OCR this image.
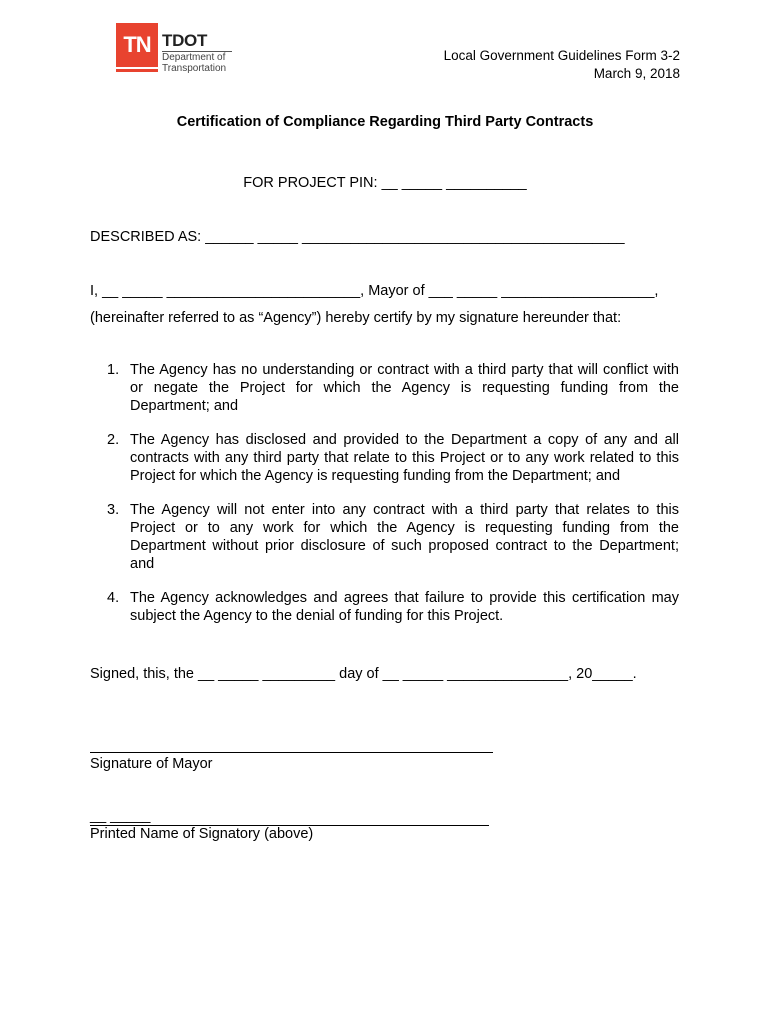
TN TDOT
Department of
Transportation
Local Government Guidelines Form 3-2
March 9, 2018
Certification of Compliance Regarding Third Party Contracts
FOR PROJECT PIN: __ _____ __________
DESCRIBED AS: ______ _____ ________________________________________
I, __ _____ ________________________, Mayor of ___ _____ ___________________,
(hereinafter referred to as “Agency”) hereby certify by my signature hereunder that:
1. The Agency has no understanding or contract with a third party that will conflict with or negate the Project for which the Agency is requesting funding from the Department; and
2. The Agency has disclosed and provided to the Department a copy of any and all contracts with any third party that relate to this Project or to any work related to this Project for which the Agency is requesting funding from the Department; and
3. The Agency will not enter into any contract with a third party that relates to this Project or to any work for which the Agency is requesting funding from the Department without prior disclosure of such proposed contract to the Department; and
4. The Agency acknowledges and agrees that failure to provide this certification may subject the Agency to the denial of funding for this Project.
Signed, this, the __ _____ _________ day of __ _____ _______________, 20_____.
Signature of Mayor
__ _____
Printed Name of Signatory (above)
